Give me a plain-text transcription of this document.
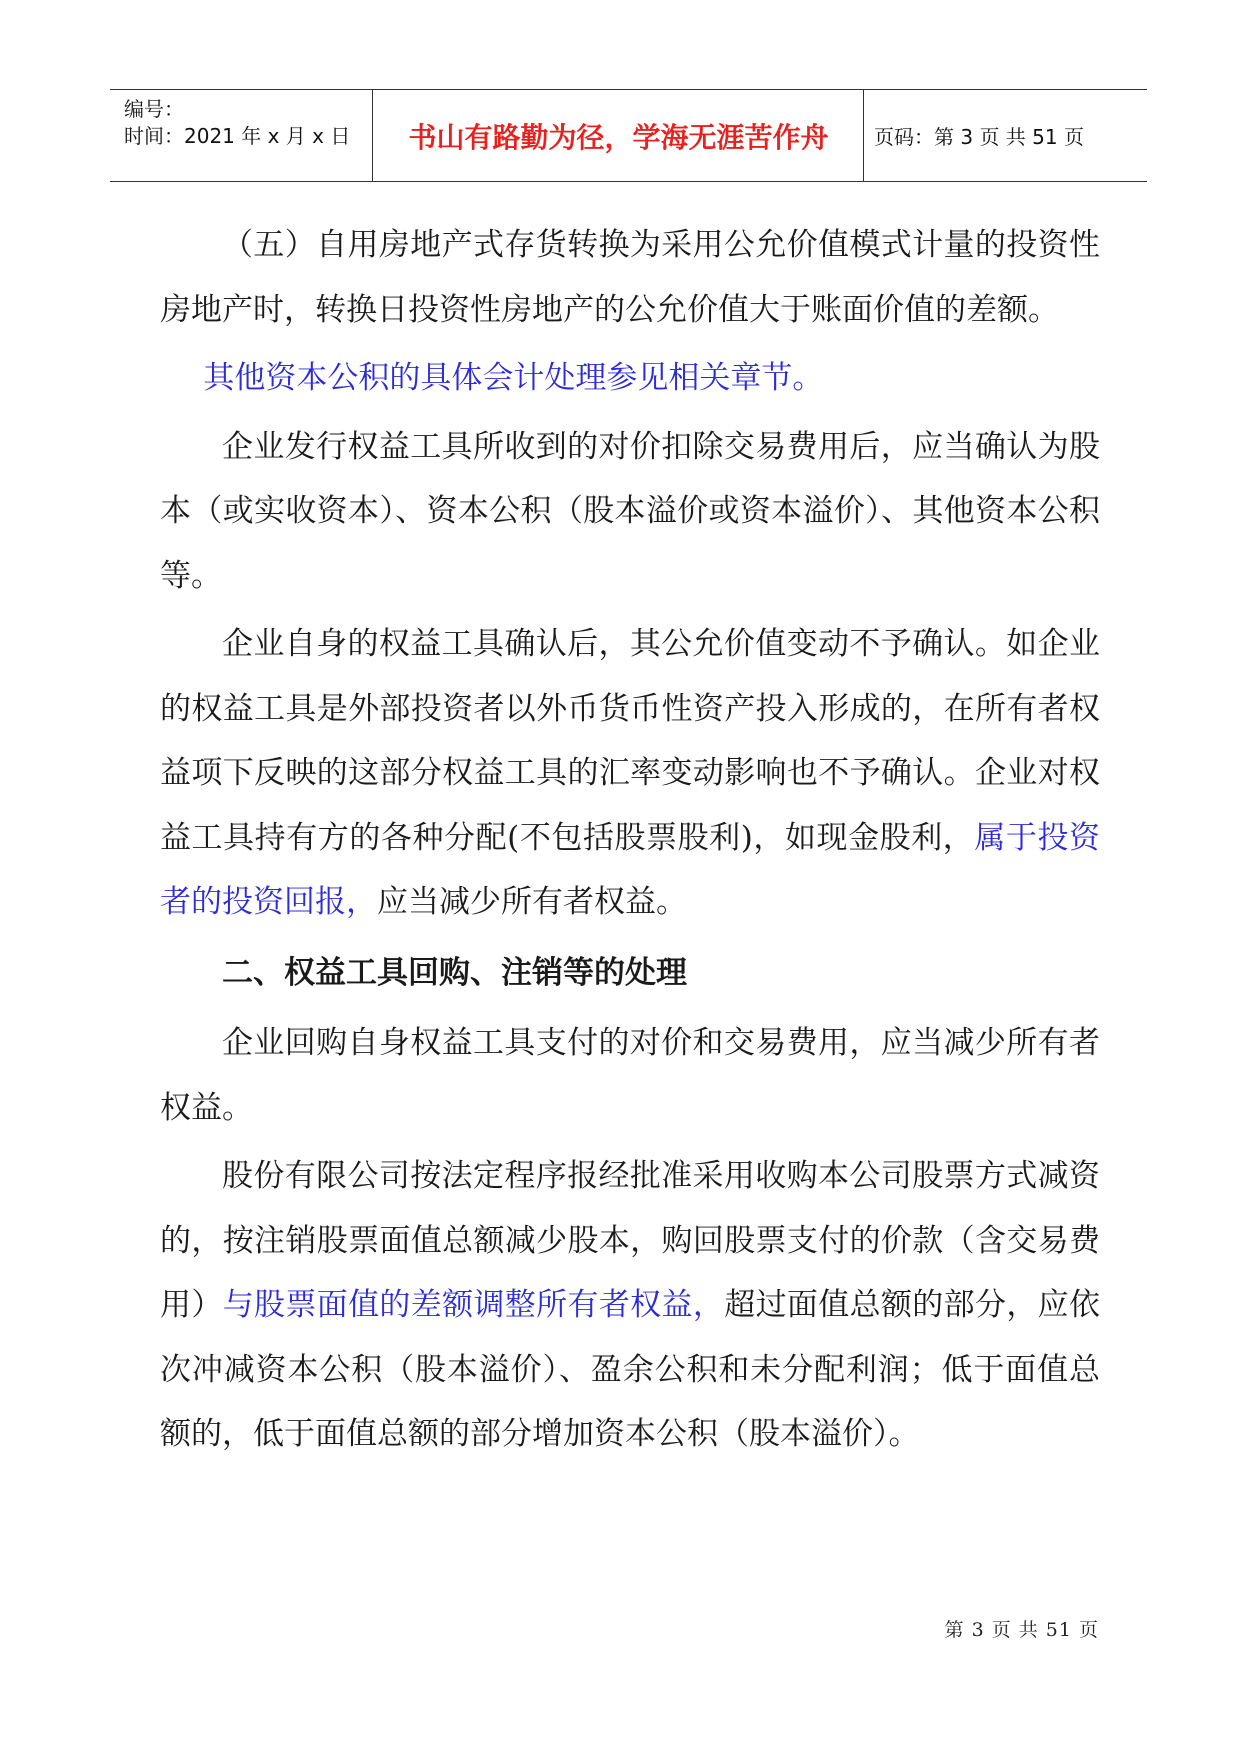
编号：
时间：2021 年 x 月 x 日	书山有路勤为径，学海无涯苦作舟	页码：第 3 页 共 51 页

（五）自用房地产式存货转换为采用公允价值模式计量的投资性房地产时，转换日投资性房地产的公允价值大于账面价值的差额。

其他资本公积的具体会计处理参见相关章节。

企业发行权益工具所收到的对价扣除交易费用后，应当确认为股本（或实收资本）、资本公积（股本溢价或资本溢价）、其他资本公积等。

企业自身的权益工具确认后，其公允价值变动不予确认。如企业的权益工具是外部投资者以外币货币性资产投入形成的，在所有者权益项下反映的这部分权益工具的汇率变动影响也不予确认。企业对权益工具持有方的各种分配(不包括股票股利)，如现金股利，属于投资者的投资回报，应当减少所有者权益。

二、权益工具回购、注销等的处理

企业回购自身权益工具支付的对价和交易费用，应当减少所有者权益。

股份有限公司按法定程序报经批准采用收购本公司股票方式减资的，按注销股票面值总额减少股本，购回股票支付的价款（含交易费用）与股票面值的差额调整所有者权益，超过面值总额的部分，应依次冲减资本公积（股本溢价）、盈余公积和未分配利润；低于面值总额的，低于面值总额的部分增加资本公积（股本溢价）。

第 3 页 共 51 页
